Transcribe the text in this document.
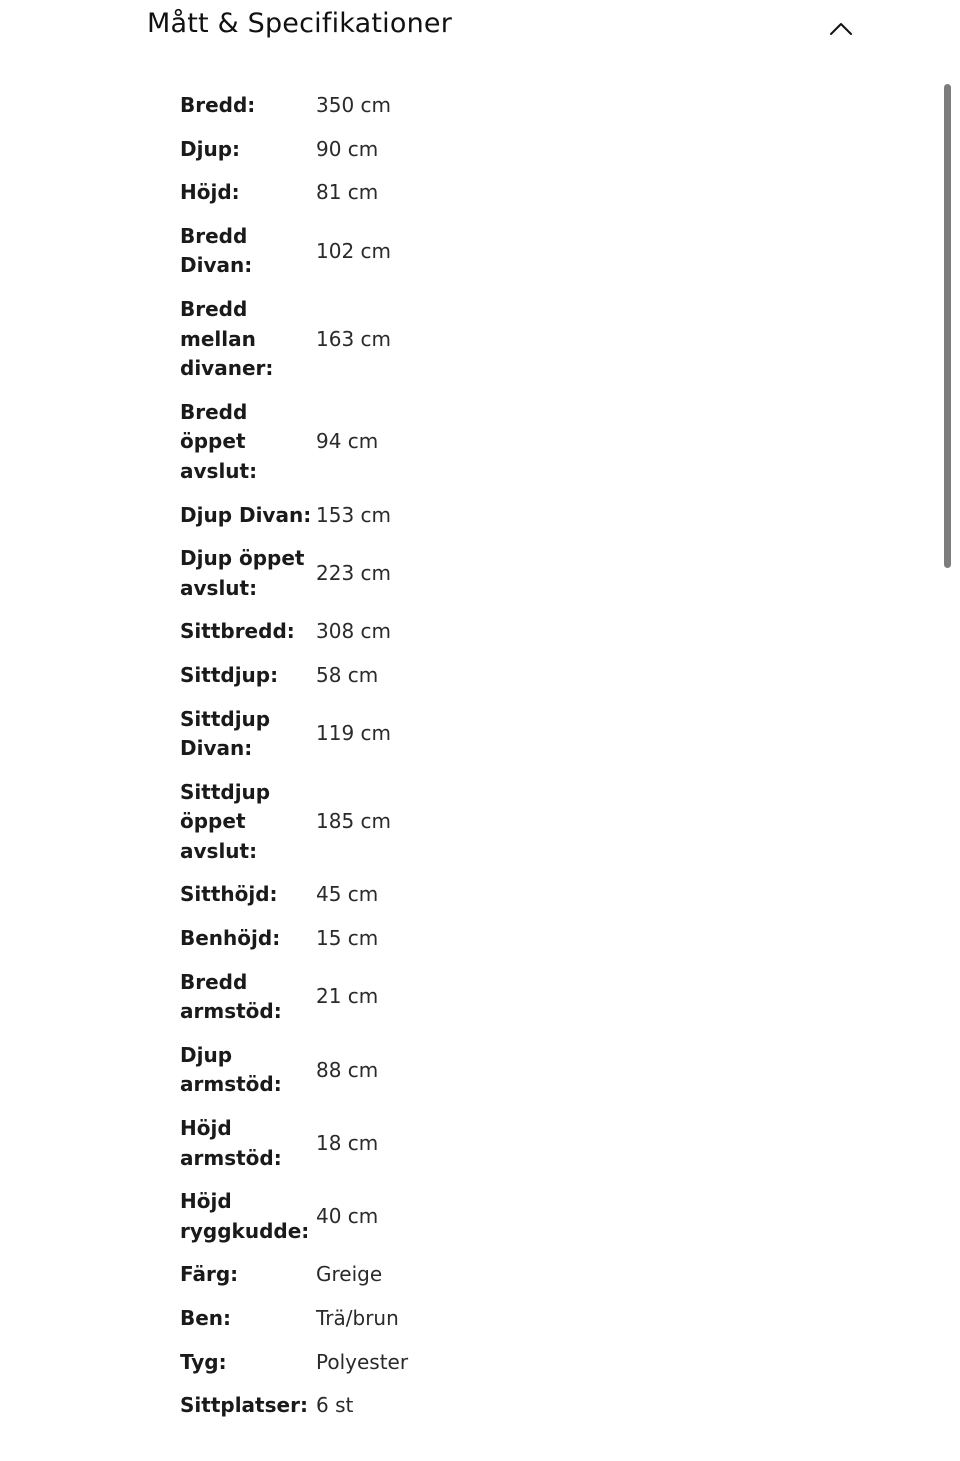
Mått & Specifikationer
Bredd:	350 cm
Djup:	90 cm
Höjd:	81 cm
Bredd Divan:	102 cm
Bredd mellan divaner:	163 cm
Bredd öppet avslut:	94 cm
Djup Divan:	153 cm
Djup öppet avslut:	223 cm
Sittbredd:	308 cm
Sittdjup:	58 cm
Sittdjup Divan:	119 cm
Sittdjup öppet avslut:	185 cm
Sitthöjd:	45 cm
Benhöjd:	15 cm
Bredd armstöd:	21 cm
Djup armstöd:	88 cm
Höjd armstöd:	18 cm
Höjd ryggkudde:	40 cm
Färg:	Greige
Ben:	Trä/brun
Tyg:	Polyester
Sittplatser:	6 st
